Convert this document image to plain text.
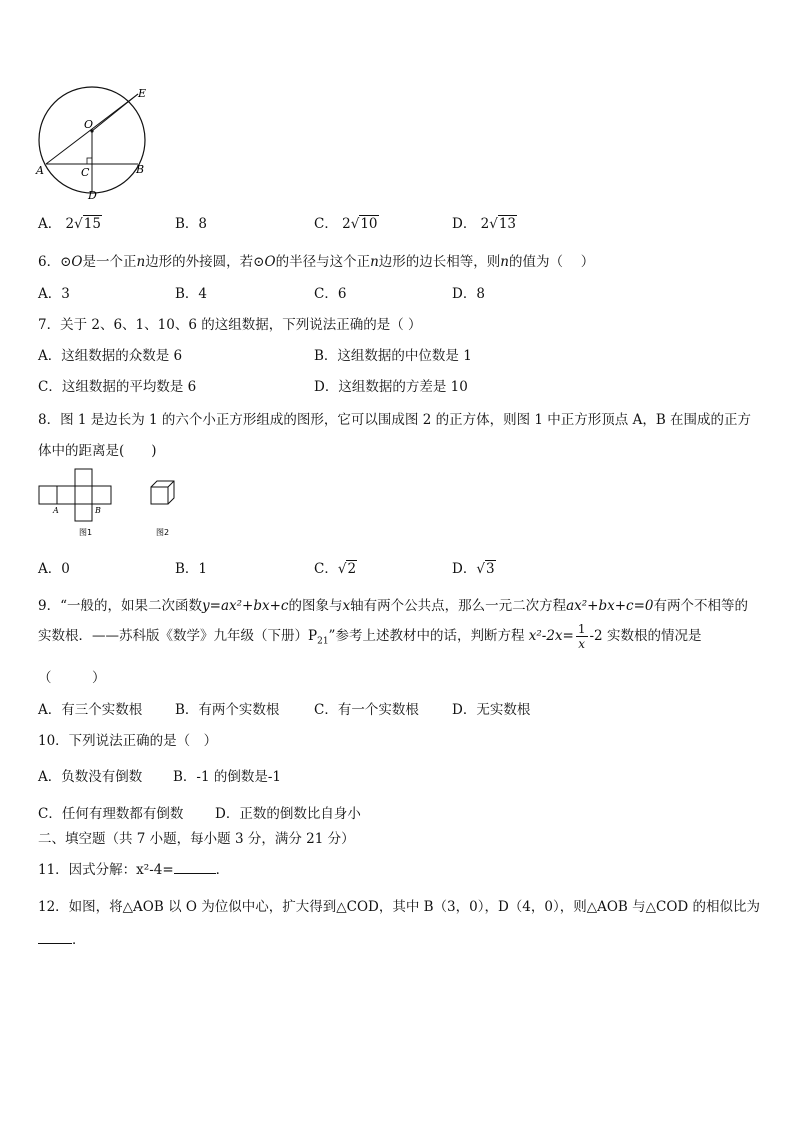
O
E
A	B
C
D
A． 2√15	B．8	C． 2√10	D． 2√13
6．⊙O是一个正n边形的外接圆，若⊙O的半径与这个正n边形的边长相等，则n的值为（　 ）
A．3	B．4	C．6	D．8
7．关于 2、6、1、10、6 的这组数据，下列说法正确的是（ ）
A．这组数据的众数是 6	B．这组数据的中位数是 1
C．这组数据的平均数是 6	D．这组数据的方差是 10
8．图 1 是边长为 1 的六个小正方形组成的图形，它可以围成图 2 的正方体，则图 1 中正方形顶点 A，B 在围成的正方
体中的距离是(　　)
A	B
图1	图2
A．0	B．1	C．√2	D．√3
9．“一般的，如果二次函数y=ax²+bx+c的图象与x轴有两个公共点，那么一元二次方程ax²+bx+c=0有两个不相等的
实数根．——苏科版《数学》九年级（下册）$P_{21}$”参考上述教材中的话，判断方程 $x^2-2x= \frac{1}{x} -2$ 实数根的情况是
（　　　）
A．有三个实数根 B．有两个实数根	C．有一个实数根 D．无实数根
10．下列说法正确的是（　）
A．负数没有倒数 B．-1 的倒数是-1
C．任何有理数都有倒数 D．正数的倒数比自身小
二、填空题（共 7 小题，每小题 3 分，满分 21 分）
11．因式分解：x²-4=	．
12．如图，将△AOB 以 O 为位似中心，扩大得到△COD，其中 B（3，0），D（4，0），则△AOB 与△COD 的相似比为
．
